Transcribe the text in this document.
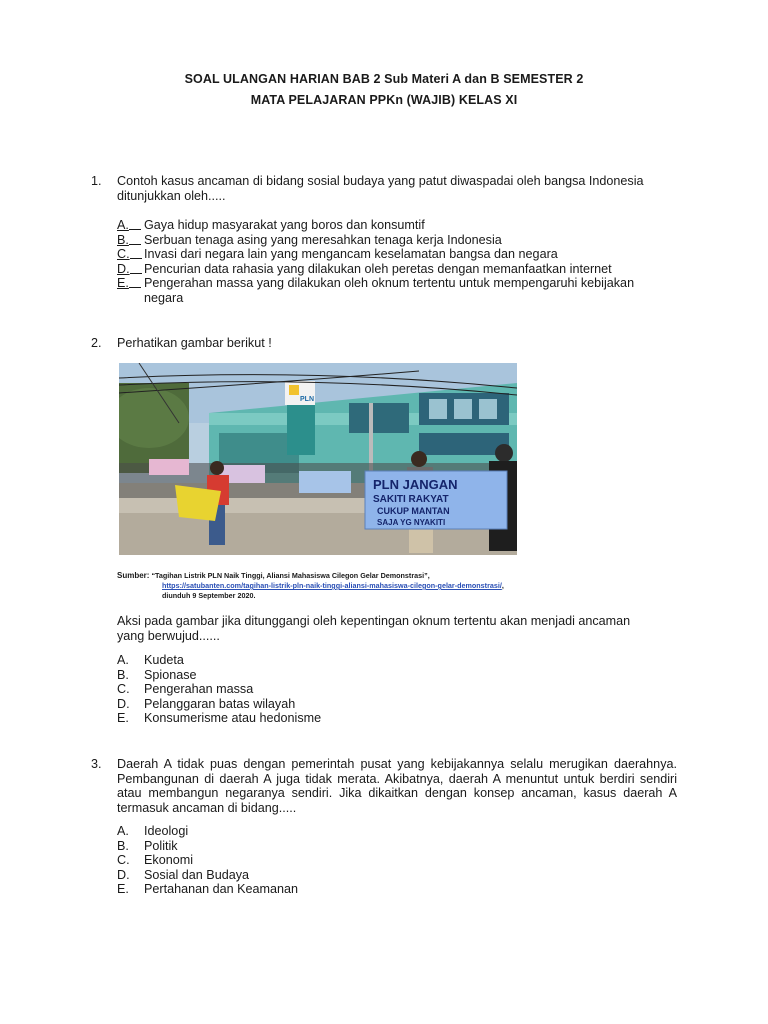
SOAL ULANGAN HARIAN BAB 2 Sub Materi A dan B SEMESTER 2
MATA PELAJARAN PPKn (WAJIB) KELAS XI
1. Contoh kasus ancaman di bidang sosial budaya yang patut diwaspadai oleh bangsa Indonesia ditunjukkan oleh.....
A.	Gaya hidup masyarakat yang boros dan konsumtif
B.	Serbuan tenaga asing yang meresahkan tenaga kerja Indonesia
C.	Invasi dari negara lain yang mengancam keselamatan bangsa dan negara
D.	Pencurian data rahasia yang dilakukan oleh peretas dengan memanfaatkan internet
E.	Pengerahan massa yang dilakukan oleh oknum tertentu untuk mempengaruhi kebijakan negara
2. Perhatikan gambar berikut !
PLN
PLN JANGAN
SAKITI RAKYAT
CUKUP MANTAN
SAJA YG NYAKITI
Sumber: “Tagihan Listrik PLN Naik Tinggi, Aliansi Mahasiswa Cilegon Gelar Demonstrasi”,
https://satubanten.com/tagihan-listrik-pln-naik-tinggi-aliansi-mahasiswa-cilegon-gelar-demonstrasi/,
diunduh 9 September 2020.
Aksi pada gambar jika ditunggangi oleh kepentingan oknum tertentu akan menjadi ancaman yang berwujud......
A. Kudeta
B. Spionase
C. Pengerahan massa
D. Pelanggaran batas wilayah
E. Konsumerisme atau hedonisme
3. Daerah A tidak puas dengan pemerintah pusat yang kebijakannya selalu merugikan daerahnya. Pembangunan di daerah A juga tidak merata. Akibatnya, daerah A menuntut untuk berdiri sendiri atau membangun negaranya sendiri. Jika dikaitkan dengan konsep ancaman, kasus daerah A termasuk ancaman di bidang.....
A. Ideologi
B. Politik
C. Ekonomi
D. Sosial dan Budaya
E. Pertahanan dan Keamanan
